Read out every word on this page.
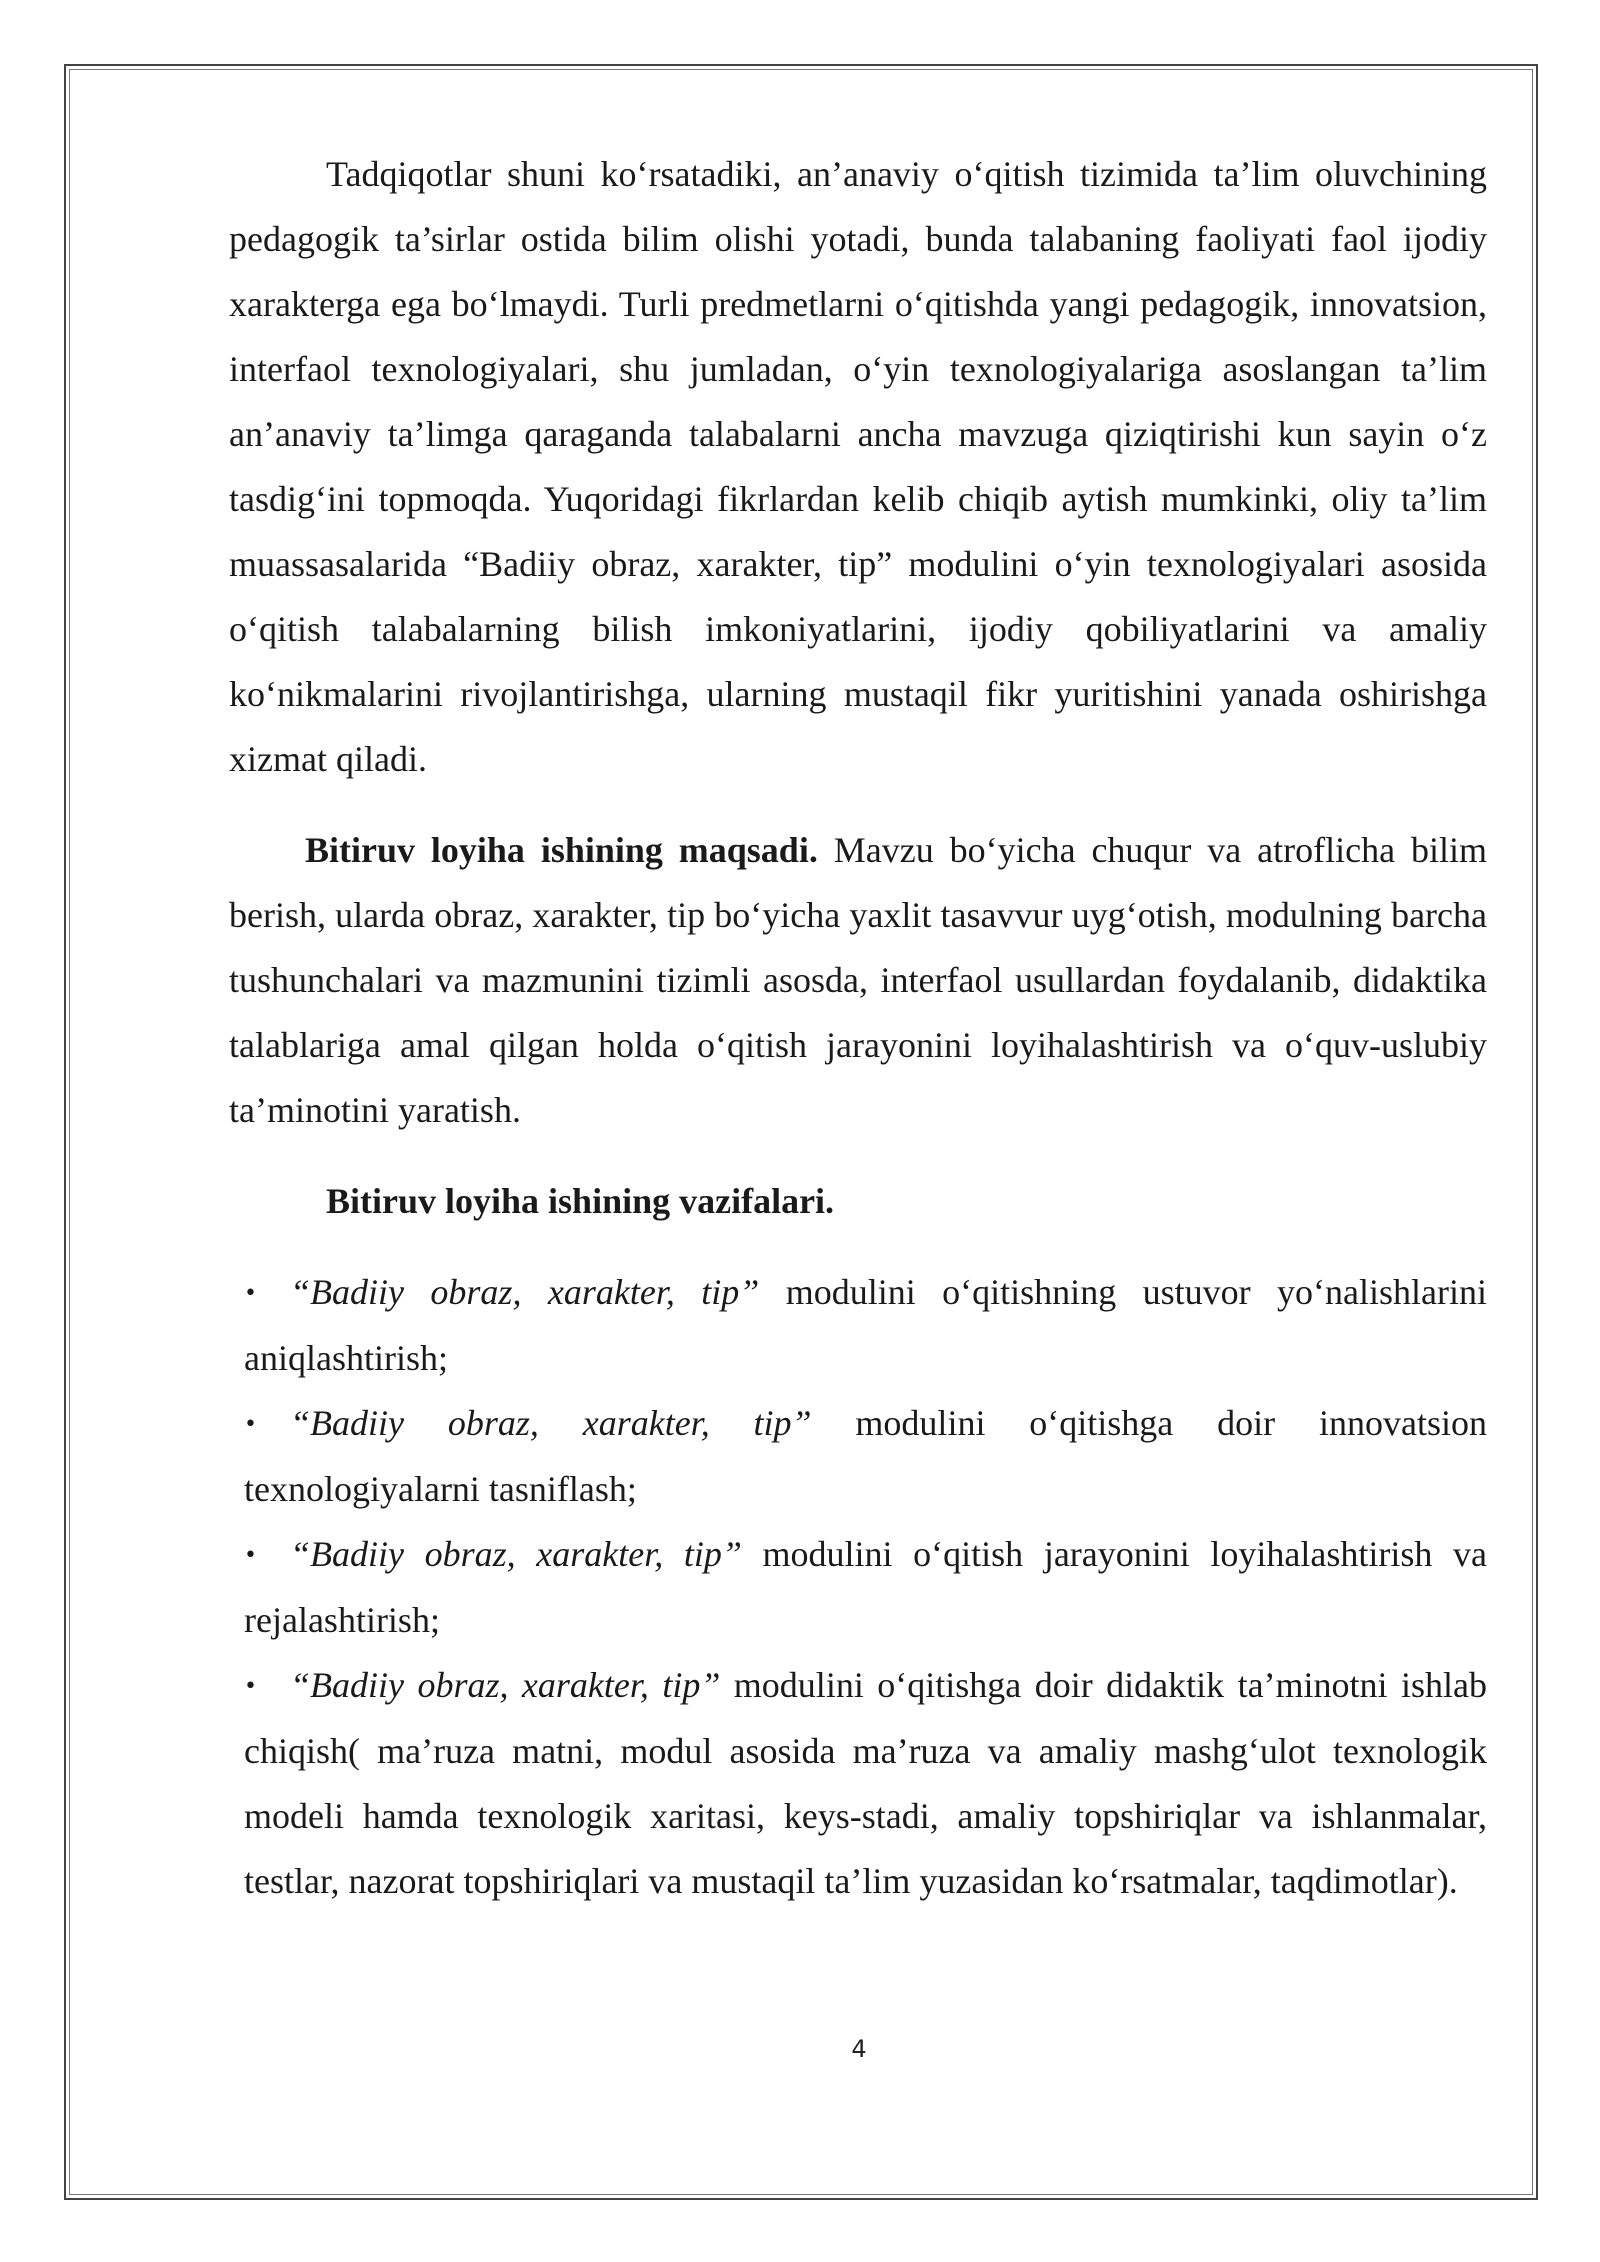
Tadqiqotlar shuni ko‘rsatadiki, an’anaviy o‘qitish tizimida ta’lim oluvchining pedagogik ta’sirlar ostida bilim olishi yotadi, bunda talabaning faoliyati faol ijodiy xarakterga ega bo‘lmaydi. Turli predmetlarni o‘qitishda yangi pedagogik, innovatsion, interfaol texnologiyalari, shu jumladan, o‘yin texnologiyalariga asoslangan ta’lim an’anaviy ta’limga qaraganda talabalarni ancha mavzuga qiziqtirishi kun sayin o‘z tasdig‘ini topmoqda. Yuqoridagi fikrlardan kelib chiqib aytish mumkinki, oliy ta’lim muassasalarida “Badiiy obraz, xarakter, tip” modulini o‘yin texnologiyalari asosida o‘qitish talabalarning bilish imkoniyatlarini, ijodiy qobiliyatlarini va amaliy ko‘nikmalarini rivojlantirishga, ularning mustaqil fikr yuritishini yanada oshirishga xizmat qiladi.

Bitiruv loyiha ishining maqsadi. Mavzu bo‘yicha chuqur va atroflicha bilim berish, ularda obraz, xarakter, tip bo‘yicha yaxlit tasavvur uyg‘otish, modulning barcha tushunchalari va mazmunini tizimli asosda, interfaol usullardan foydalanib, didaktika talablariga amal qilgan holda o‘qitish jarayonini loyihalashtirish va o‘quv-uslubiy ta’minotini yaratish.

Bitiruv loyiha ishining vazifalari.

• “Badiiy obraz, xarakter, tip” modulini o‘qitishning ustuvor yo‘nalishlarini aniqlashtirish;
• “Badiiy obraz, xarakter, tip” modulini o‘qitishga doir innovatsion texnologiyalarni tasniflash;
• “Badiiy obraz, xarakter, tip” modulini o‘qitish jarayonini loyihalashtirish va rejalashtirish;
• “Badiiy obraz, xarakter, tip” modulini o‘qitishga doir didaktik ta’minotni ishlab chiqish( ma’ruza matni, modul asosida ma’ruza va amaliy mashg‘ulot texnologik modeli hamda texnologik xaritasi, keys-stadi, amaliy topshiriqlar va ishlanmalar, testlar, nazorat topshiriqlari va mustaqil ta’lim yuzasidan ko‘rsatmalar, taqdimotlar).
4
